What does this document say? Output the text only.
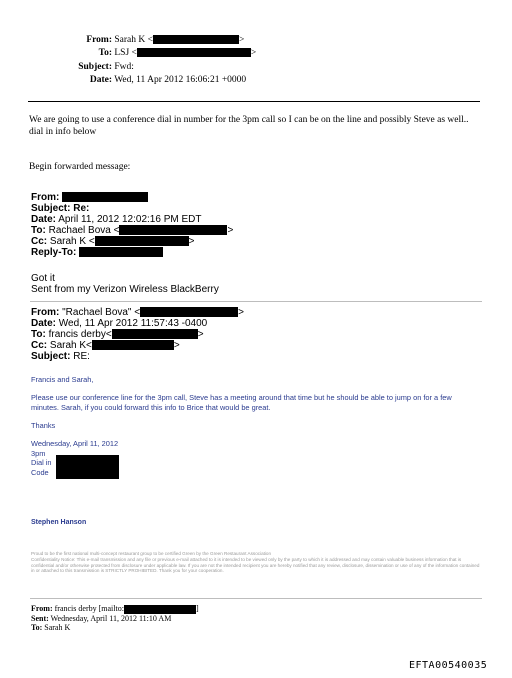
From: Sarah K <	>
To: LSJ <	>
Subject: Fwd:
Date: Wed, 11 Apr 2012 16:06:21 +0000
We are going to use a conference dial in number for the 3pm call so I can be on the line and possibly Steve as well.. dial in info below
Begin forwarded message:
From:
Subject: Re:
Date: April 11, 2012 12:02:16 PM EDT
To: Rachael Bova <	>
Cc: Sarah K <	>
Reply-To:
Got it
Sent from my Verizon Wireless BlackBerry
From: "Rachael Bova" <	>
Date: Wed, 11 Apr 2012 11:57:43 -0400
To: francis derby<	>
Cc: Sarah K<	>
Subject: RE:
Francis and Sarah,
Please use our conference line for the 3pm call, Steve has a meeting around that time but he should be able to jump on for a few minutes. Sarah, if you could forward this info to Brice that would be great.
Thanks
Wednesday, April 11, 2012
3pm
Dial in
Code
Stephen Hanson
Proud to be the first national multi-concept restaurant group to be certified Green by the Green Restaurant Association
Confidentiality Notice: This e-mail transmission and any file or previous e-mail attached to it is intended to be viewed only by the party to which it is addressed and may contain valuable business information that is confidential and/or otherwise protected from disclosure under applicable law. If you are not the intended recipient you are hereby notified that any review, disclosure, dissemination or use of any of the information contained in or attached to this transmission is STRICTLY PROHIBITED. Thank you for your cooperation.
From: francis derby [mailto:	]
Sent: Wednesday, April 11, 2012 11:10 AM
To: Sarah K
EFTA00540035
